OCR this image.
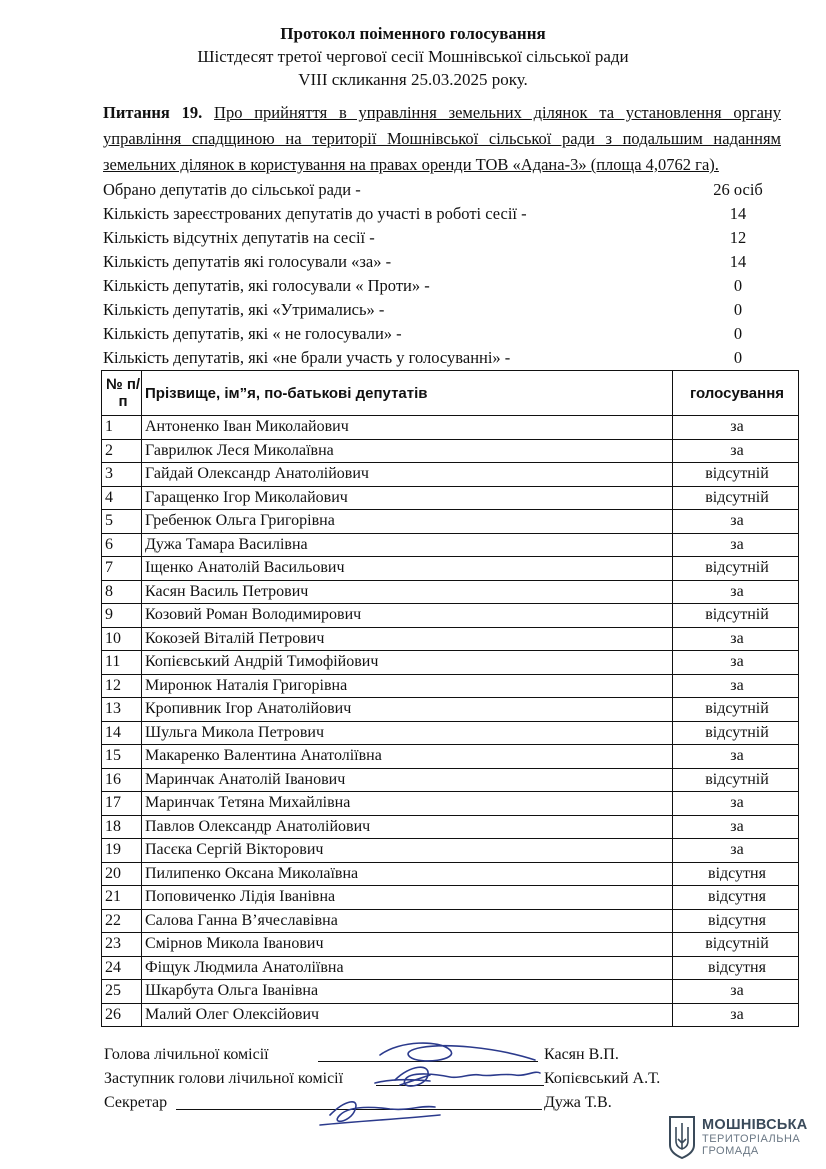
Протокол поіменного голосування
Шістдесят третої чергової сесії Мошнівської сільської ради
VIII скликання 25.03.2025 року.
Питання 19. Про прийняття в управління земельних ділянок та установлення органу управління спадщиною на території Мошнівської сільської ради з подальшим наданням земельних ділянок в користування на правах оренди ТОВ «Адана-3» (площа 4,0762 га).
Обрано депутатів до сільської ради -	26 осіб
Кількість зареєстрованих депутатів до участі в роботі сесії -	14
Кількість відсутніх депутатів на сесії -	12
Кількість депутатів які голосували «за» -	14
Кількість депутатів, які голосували « Проти» -	0
Кількість депутатів, які «Утримались» -	0
Кількість депутатів, які « не голосували» -	0
Кількість депутатів, які «не брали участь у голосуванні» -	0
№ п/п	Прізвище, ім”я, по-батькові депутатів	голосування
1	Антоненко Іван Миколайович	за
2	Гаврилюк Леся Миколаївна	за
3	Гайдай Олександр Анатолійович	відсутній
4	Гаращенко Ігор Миколайович	відсутній
5	Гребенюк Ольга Григорівна	за
6	Дужа Тамара Василівна	за
7	Іщенко Анатолій Васильович	відсутній
8	Касян Василь Петрович	за
9	Козовий Роман Володимирович	відсутній
10	Кокозей Віталій Петрович	за
11	Копієвський Андрій Тимофійович	за
12	Миронюк Наталія Григорівна	за
13	Кропивник Ігор Анатолійович	відсутній
14	Шульга Микола Петрович	відсутній
15	Макаренко Валентина Анатоліївна	за
16	Маринчак Анатолій Іванович	відсутній
17	Маринчак Тетяна Михайлівна	за
18	Павлов Олександр Анатолійович	за
19	Пасєка Сергій Вікторович	за
20	Пилипенко Оксана Миколаївна	відсутня
21	Поповиченко Лідія Іванівна	відсутня
22	Салова Ганна В’ячеславівна	відсутня
23	Смірнов Микола Іванович	відсутній
24	Фіщук Людмила Анатоліївна	відсутня
25	Шкарбута Ольга Іванівна	за
26	Малий Олег Олексійович	за
Голова лічильної комісії	Касян В.П.
Заступник голови лічильної комісії	Копієвський А.Т.
Секретар	Дужа Т.В.
МОШНІВСЬКА
ТЕРИТОРІАЛЬНА
ГРОМАДА
